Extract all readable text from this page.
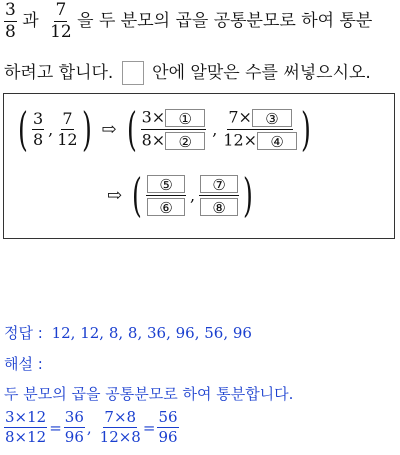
$\frac{3}{8}$ 과 $\frac{7}{12}$ 을 두 분모의 곱을 공통분모로 하여 통분
하려고 합니다. 안에 알맞은 수를 써넣으시오.
( $\frac{3}{8}$ , $\frac{7}{12}$ ) ⇨ ( $\frac{\text{3× ①}}{\text{8× ②}}$ , $\frac{\text{7× ③}}{\text{12× ④}}$ )
⇨ ( $\frac{\text{⑤}}{\text{⑥}}$ , $\frac{\text{⑦}}{\text{⑧}}$ )
정답 : 12, 12, 8, 8, 36, 96, 56, 96
해설 :
두 분모의 곱을 공통분모로 하여 통분합니다.
$\frac{3\times 12}{8\times 12} = \frac{36}{96}$ , $\frac{7\times 8}{12\times 8} = \frac{56}{96}$
